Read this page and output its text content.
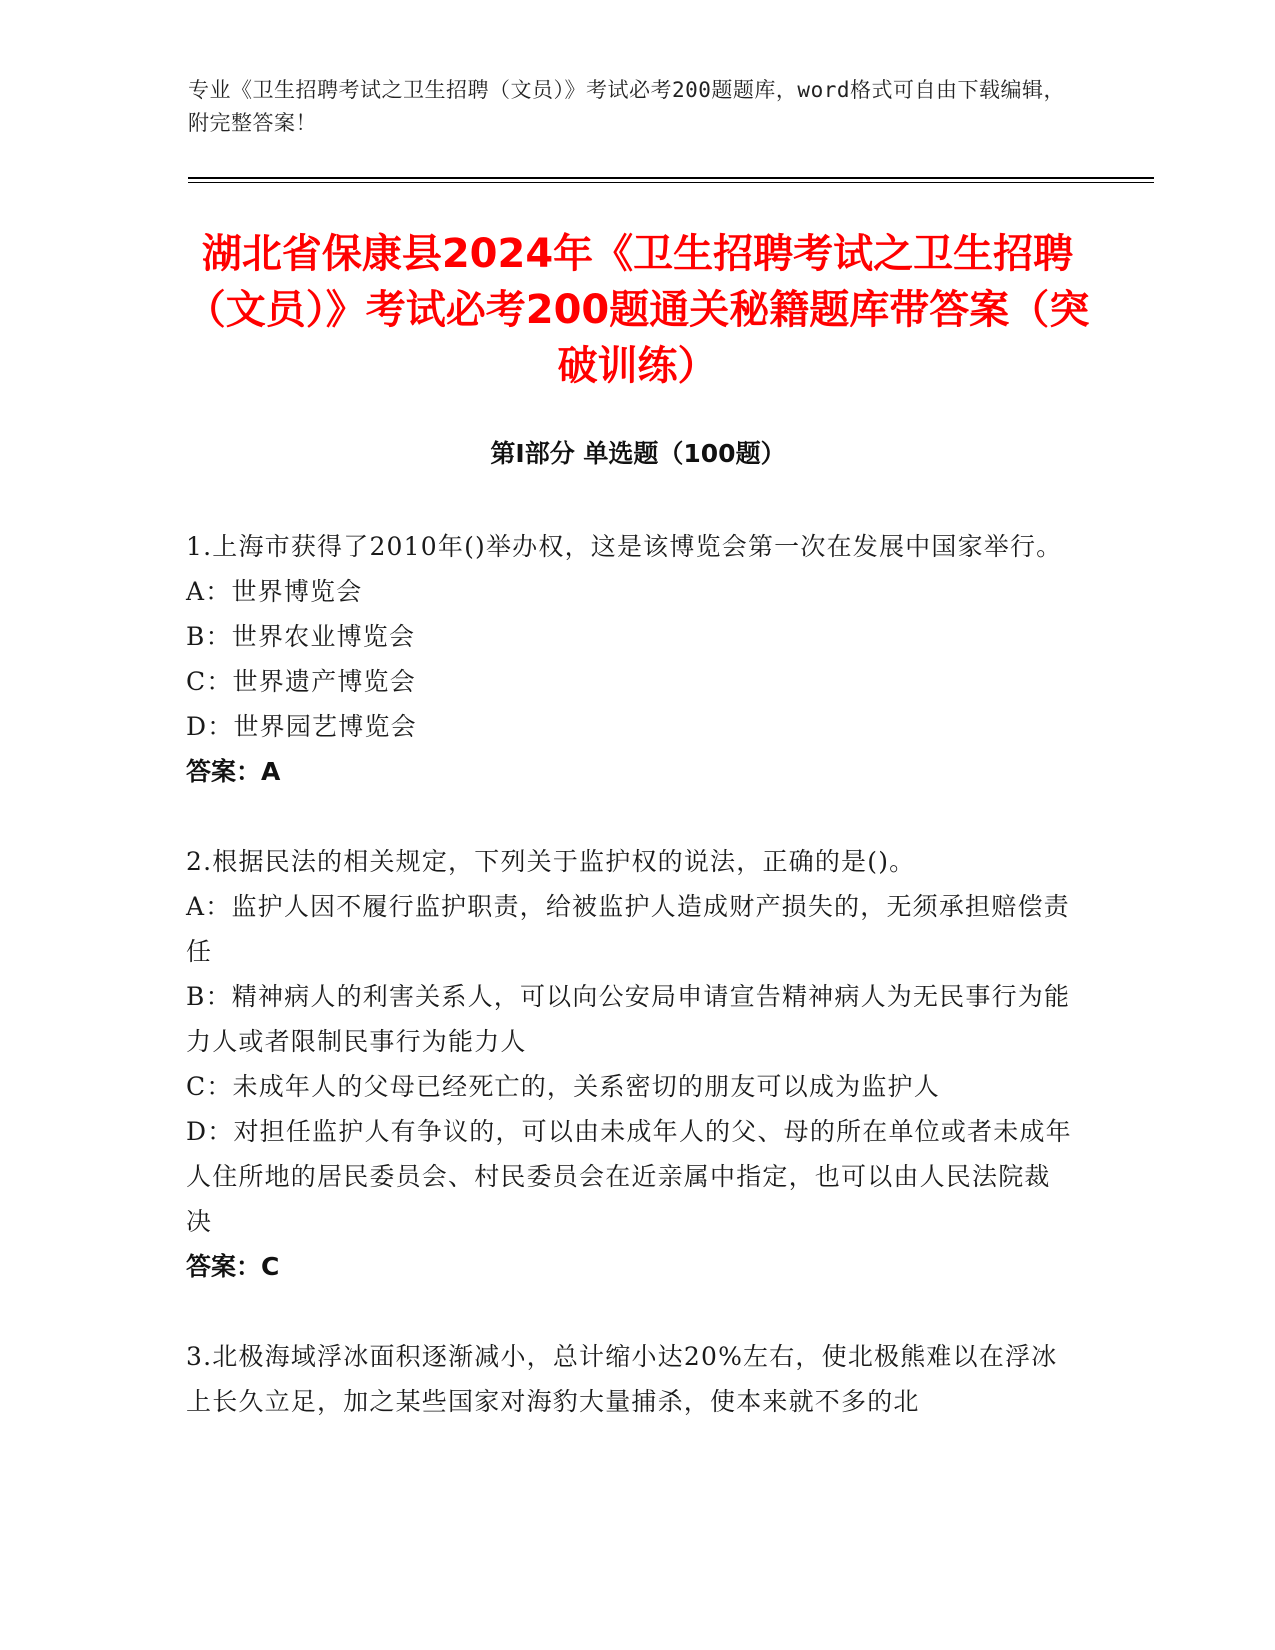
专业《卫生招聘考试之卫生招聘（文员）》考试必考200题题库，word格式可自由下载编辑，附完整答案！
湖北省保康县2024年《卫生招聘考试之卫生招聘（文员）》考试必考200题通关秘籍题库带答案（突破训练）
第Ⅰ部分 单选题（100题）
1.上海市获得了2010年()举办权，这是该博览会第一次在发展中国家举行。
A：世界博览会
B：世界农业博览会
C：世界遗产博览会
D：世界园艺博览会
答案：A
2.根据民法的相关规定，下列关于监护权的说法，正确的是()。
A：监护人因不履行监护职责，给被监护人造成财产损失的，无须承担赔偿责任
B：精神病人的利害关系人，可以向公安局申请宣告精神病人为无民事行为能力人或者限制民事行为能力人
C：未成年人的父母已经死亡的，关系密切的朋友可以成为监护人
D：对担任监护人有争议的，可以由未成年人的父、母的所在单位或者未成年人住所地的居民委员会、村民委员会在近亲属中指定，也可以由人民法院裁决
答案：C
3.北极海域浮冰面积逐渐减小，总计缩小达20%左右，使北极熊难以在浮冰上长久立足，加之某些国家对海豹大量捕杀，使本来就不多的北
